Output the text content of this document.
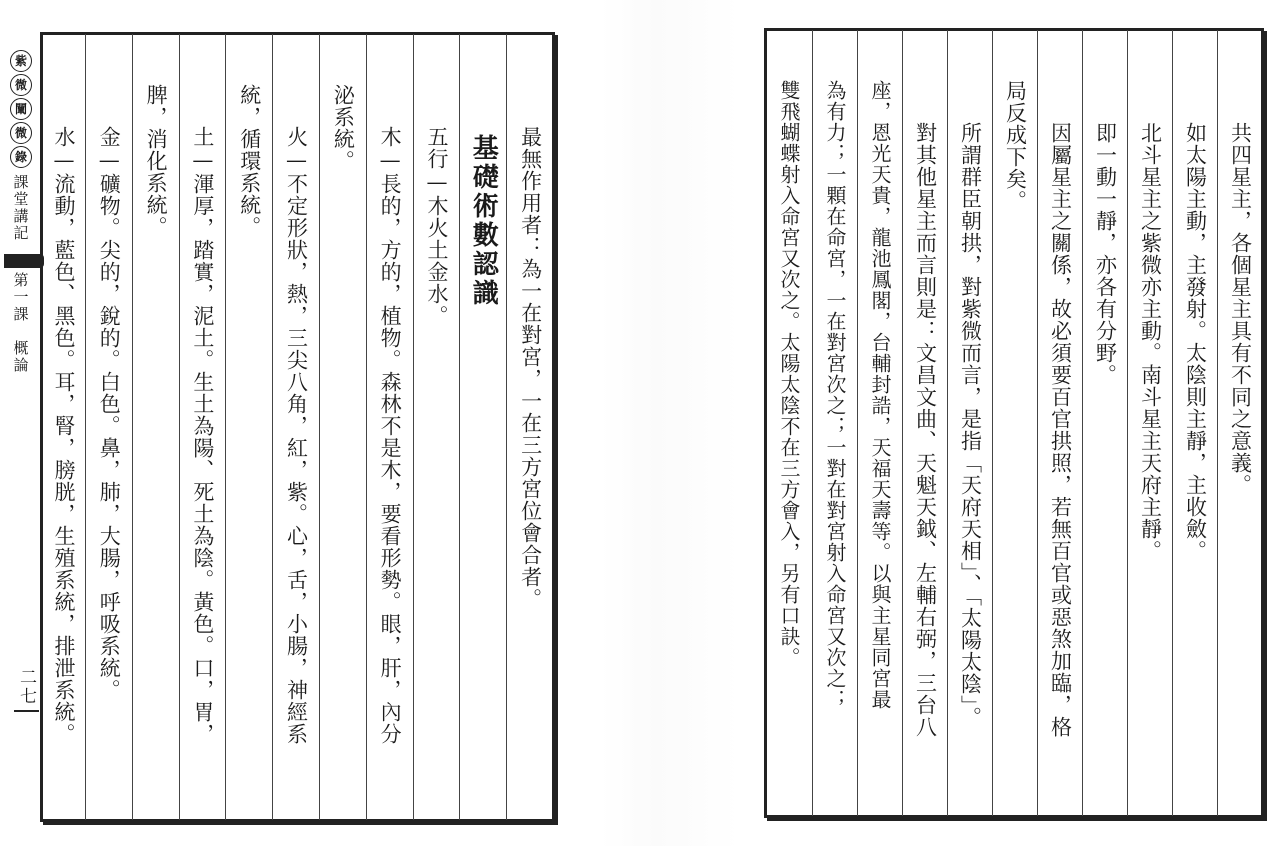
紫
微
闡
微
錄
課堂講記
第一課　概論
二七
最無作用者：為一在對宮，一在三方宮位會合者。
基礎術數認識
五行—木火土金水。
木—長的，方的，植物。森林不是木，要看形勢。眼，肝，內分
泌系統。
火—不定形狀，熱，三尖八角，紅，紫。心，舌，小腸，神經系
統，循環系統。
土—渾厚，踏實，泥土。生土為陽、死土為陰。黃色。口，胃，
脾，消化系統。
金—礦物。尖的，銳的。白色。鼻，肺，大腸，呼吸系統。
水—流動，藍色、黑色。耳，腎，膀胱，生殖系統，排泄系統。	共四星主，各個星主具有不同之意義。
如太陽主動，主發射。太陰則主靜，主收斂。
北斗星主之紫微亦主動。南斗星主天府主靜。
即一動一靜，亦各有分野。
因屬星主之關係，故必須要百官拱照，若無百官或惡煞加臨，格
局反成下矣。
所謂群臣朝拱，對紫微而言，是指「天府天相」、「太陽太陰」。
對其他星主而言則是：文昌文曲、天魁天鉞、左輔右弼，三台八
座，恩光天貴，龍池鳳閣，台輔封誥，天福天壽等。以與主星同宮最
為有力；一顆在命宮，一在對宮次之；一對在對宮射入命宮又次之；
雙飛蝴蝶射入命宮又次之。太陽太陰不在三方會入，另有口訣。
